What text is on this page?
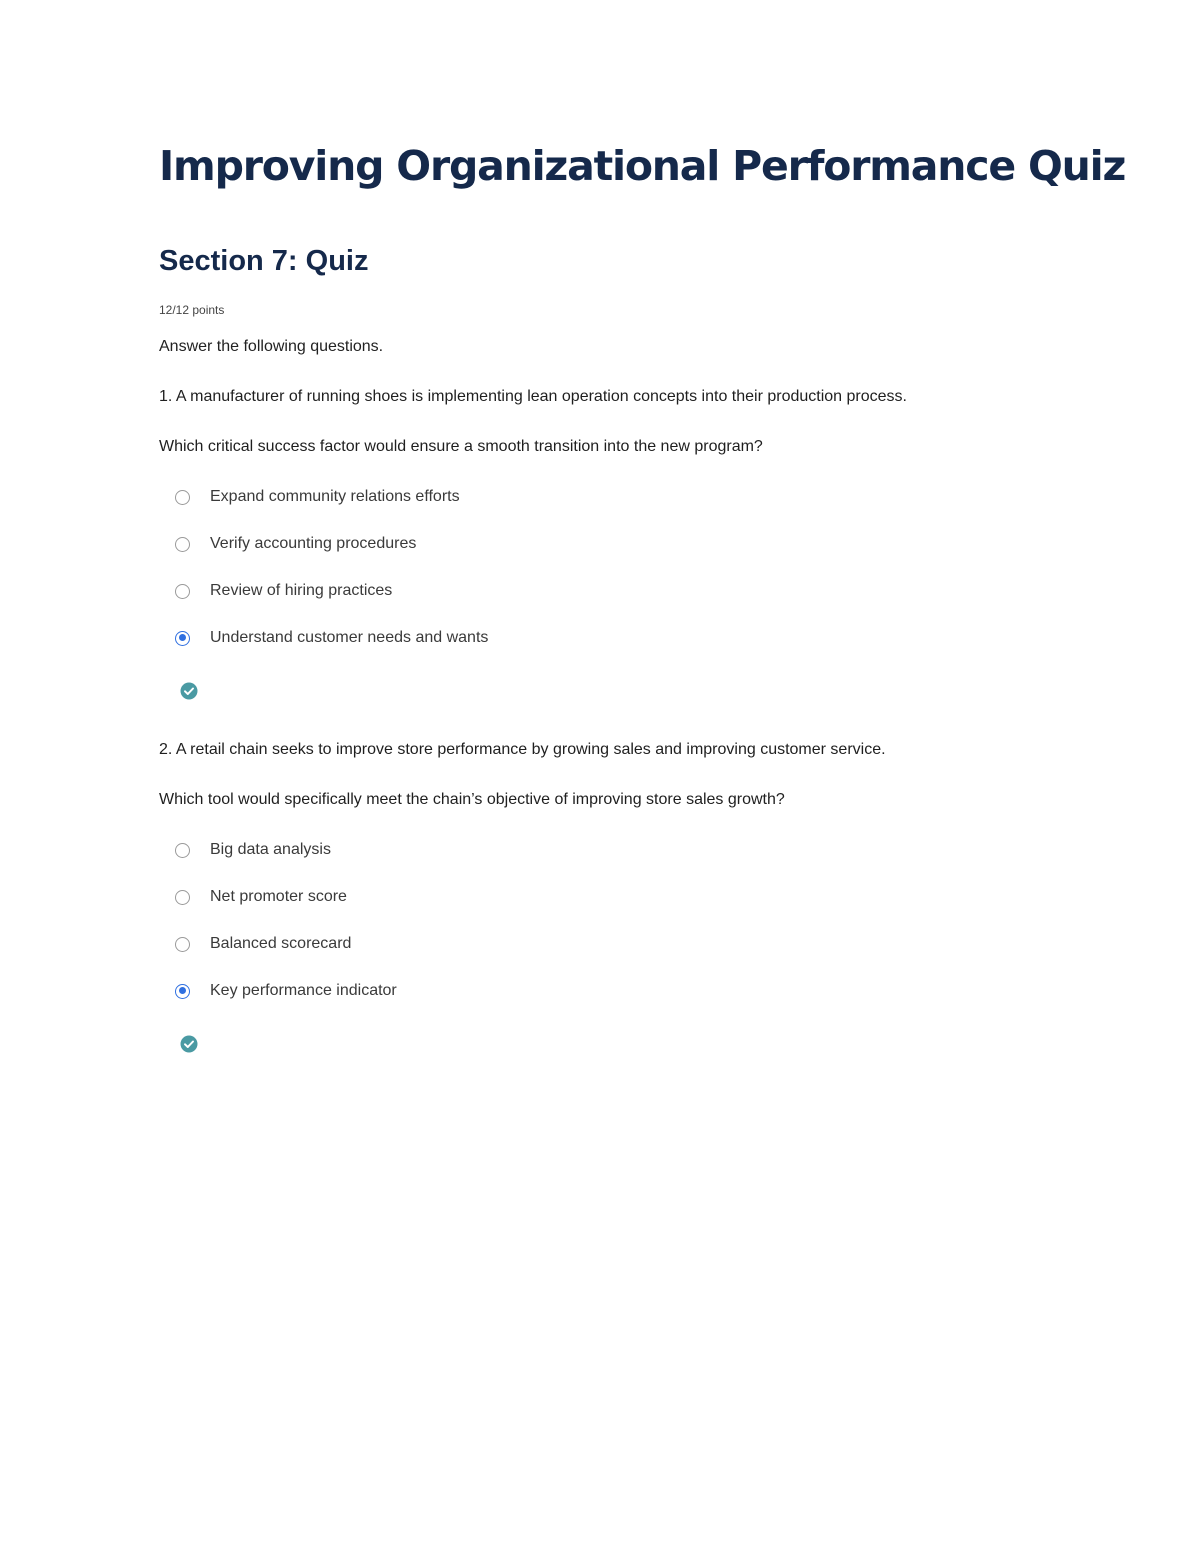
Improving Organizational Performance Quiz
Section 7: Quiz
12/12 points
Answer the following questions.
1. A manufacturer of running shoes is implementing lean operation concepts into their production process.
Which critical success factor would ensure a smooth transition into the new program?
Expand community relations efforts
Verify accounting procedures
Review of hiring practices
Understand customer needs and wants
2. A retail chain seeks to improve store performance by growing sales and improving customer service.
Which tool would specifically meet the chain’s objective of improving store sales growth?
Big data analysis
Net promoter score
Balanced scorecard
Key performance indicator
